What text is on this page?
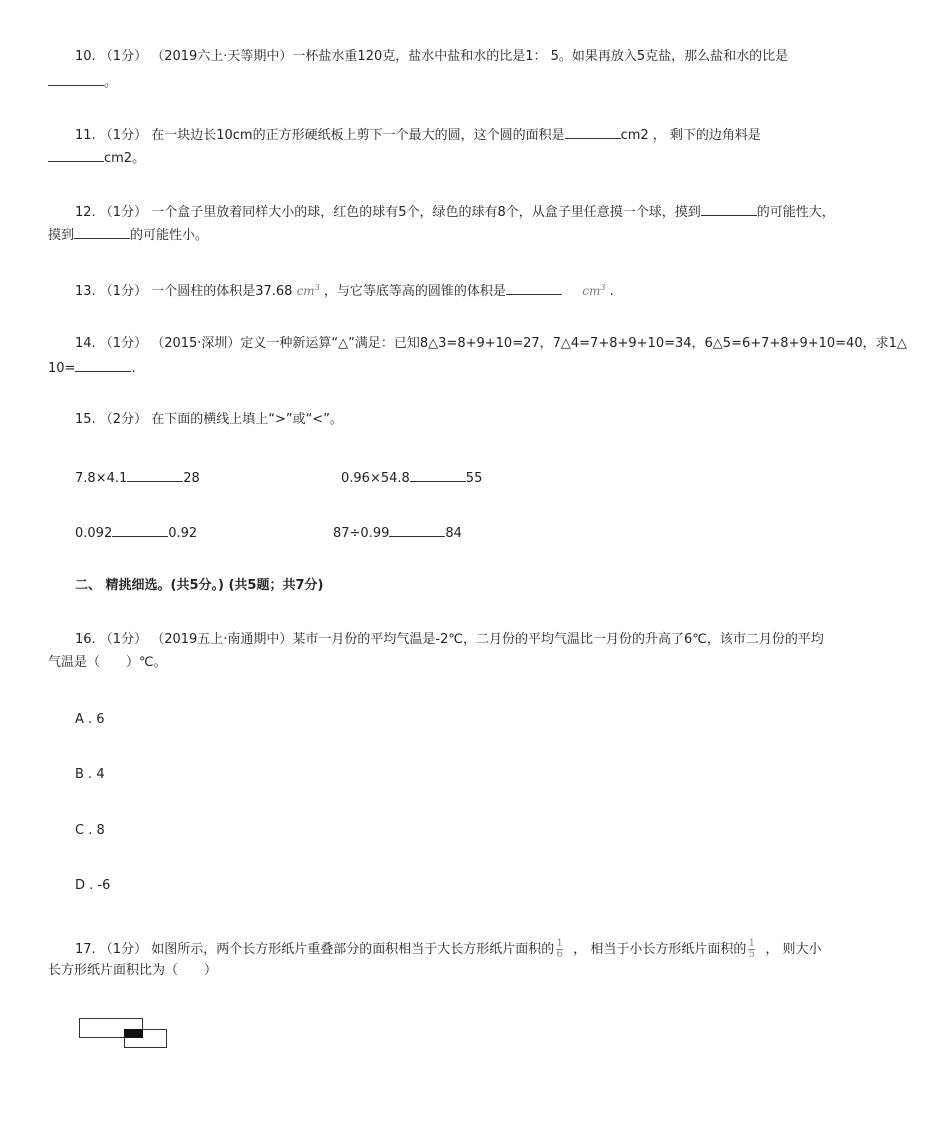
10. （1分） （2019六上·天等期中）一杯盐水重120克，盐水中盐和水的比是1： 5。如果再放入5克盐，那么盐和水的比是
。
11. （1分） 在一块边长10cm的正方形硬纸板上剪下一个最大的圆，这个圆的面积是	cm2 ， 剩下的边角料是
cm2。
12. （1分） 一个盒子里放着同样大小的球，红色的球有5个，绿色的球有8个，从盒子里任意摸一个球，摸到	的可能性大，
摸到	的可能性小。
13. （1分） 一个圆柱的体积是37.68 $cm^3$ ，与它等底等高的圆锥的体积是	$cm^3$ .
14. （1分） （2015·深圳）定义一种新运算“△”满足：已知8△3=8+9+10=27，7△4=7+8+9+10=34，6△5=6+7+8+9+10=40，求1△
10=	.
15. （2分） 在下面的横线上填上“>”或“<”。
7.8×4.1	28	0.96×54.8	55
0.092	0.92	87÷0.99	84
二、 精挑细选。(共5分。) (共5题；共7分)
16. （1分） （2019五上·南通期中）某市一月份的平均气温是-2℃，二月份的平均气温比一月份的升高了6℃，该市二月份的平均
气温是（　　）℃。
A . 6
B . 4
C . 8
D . -6
17. （1分） 如图所示，两个长方形纸片重叠部分的面积相当于大长方形纸片面积的 $\frac{1}{6}$ ， 相当于小长方形纸片面积的 $\frac{1}{5}$ ， 则大小
长方形纸片面积比为（　　）
